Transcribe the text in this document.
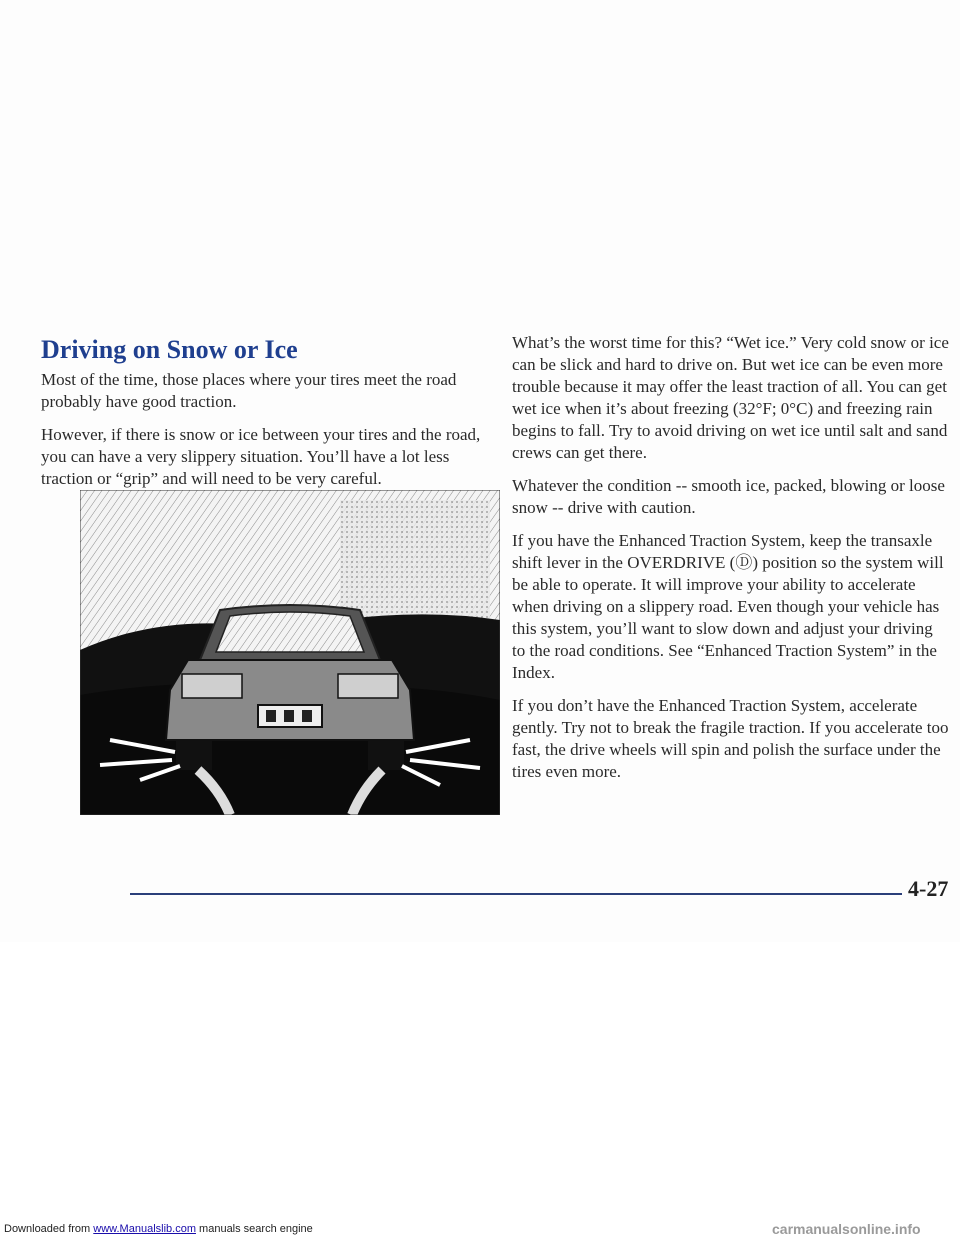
Driving on Snow or Ice

Most of the time, those places where your tires meet the road probably have good traction.

However, if there is snow or ice between your tires and the road, you can have a very slippery situation. You’ll have a lot less traction or “grip” and will need to be very careful.

What’s the worst time for this? “Wet ice.” Very cold snow or ice can be slick and hard to drive on. But wet ice can be even more trouble because it may offer the least traction of all. You can get wet ice when it’s about freezing (32°F; 0°C) and freezing rain begins to fall. Try to avoid driving on wet ice until salt and sand crews can get there.

Whatever the condition -- smooth ice, packed, blowing or loose snow -- drive with caution.

If you have the Enhanced Traction System, keep the transaxle shift lever in the OVERDRIVE (Ⓓ) position so the system will be able to operate. It will improve your ability to accelerate when driving on a slippery road. Even though your vehicle has this system, you’ll want to slow down and adjust your driving to the road conditions. See “Enhanced Traction System” in the Index.

If you don’t have the Enhanced Traction System, accelerate gently. Try not to break the fragile traction. If you accelerate too fast, the drive wheels will spin and polish the surface under the tires even more.

4-27
Downloaded from www.Manualslib.com manuals search engine	carmanualsonline.info
